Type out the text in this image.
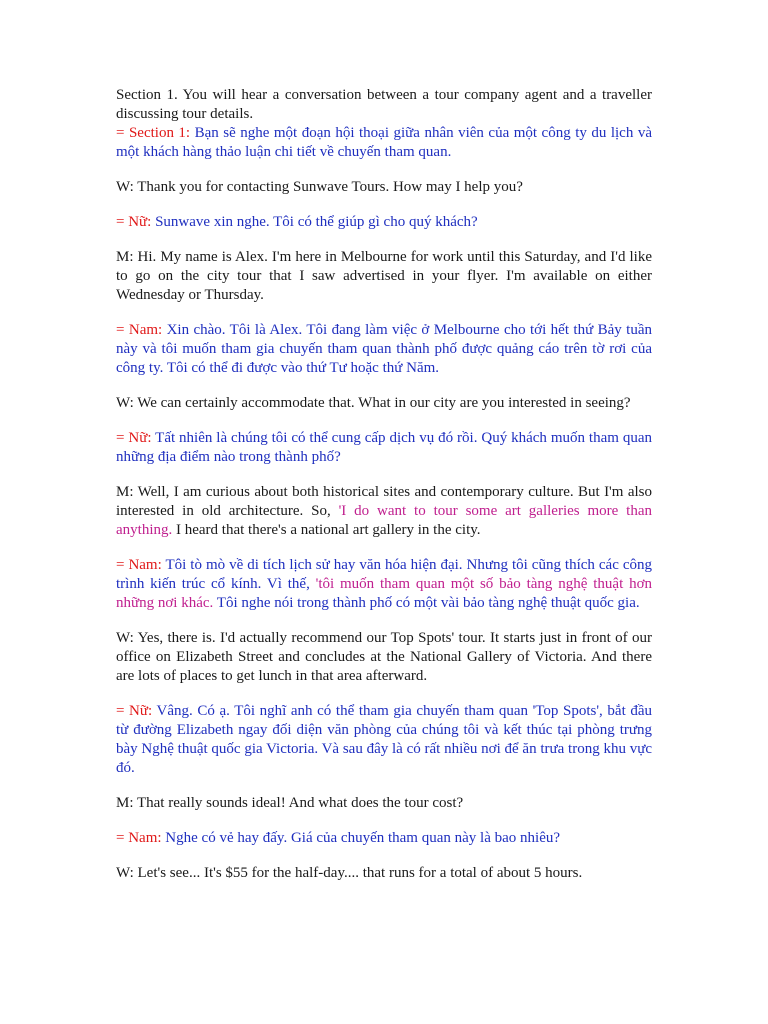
Section 1. You will hear a conversation between a tour company agent and a traveller discussing tour details.

= Section 1: Bạn sẽ nghe một đoạn hội thoại giữa nhân viên của một công ty du lịch và một khách hàng thảo luận chi tiết về chuyến tham quan.

W: Thank you for contacting Sunwave Tours. How may I help you?

= Nữ: Sunwave xin nghe. Tôi có thể giúp gì cho quý khách?

M: Hi. My name is Alex. I'm here in Melbourne for work until this Saturday, and I'd like to go on the city tour that I saw advertised in your flyer. I'm available on either Wednesday or Thursday.

= Nam: Xin chào. Tôi là Alex. Tôi đang làm việc ở Melbourne cho tới hết thứ Bảy tuần này và tôi muốn tham gia chuyến tham quan thành phố được quảng cáo trên tờ rơi của công ty. Tôi có thể đi được vào thứ Tư hoặc thứ Năm.

W: We can certainly accommodate that. What in our city are you interested in seeing?

= Nữ: Tất nhiên là chúng tôi có thể cung cấp dịch vụ đó rồi. Quý khách muốn tham quan những địa điểm nào trong thành phố?

M: Well, I am curious about both historical sites and contemporary culture. But I'm also interested in old architecture. So, 'I do want to tour some art galleries more than anything. I heard that there's a national art gallery in the city.

= Nam: Tôi tò mò về di tích lịch sử hay văn hóa hiện đại. Nhưng tôi cũng thích các công trình kiến trúc cổ kính. Vì thế, 'tôi muốn tham quan một số bảo tàng nghệ thuật hơn những nơi khác. Tôi nghe nói trong thành phố có một vài bảo tàng nghệ thuật quốc gia.

W: Yes, there is. I'd actually recommend our Top Spots' tour. It starts just in front of our office on Elizabeth Street and concludes at the National Gallery of Victoria. And there are lots of places to get lunch in that area afterward.

= Nữ: Vâng. Có ạ. Tôi nghĩ anh có thể tham gia chuyến tham quan 'Top Spots', bắt đầu từ đường Elizabeth ngay đối diện văn phòng của chúng tôi và kết thúc tại phòng trưng bày Nghệ thuật quốc gia Victoria. Và sau đây là có rất nhiều nơi để ăn trưa trong khu vực đó.

M: That really sounds ideal! And what does the tour cost?

= Nam: Nghe có vẻ hay đấy. Giá của chuyến tham quan này là bao nhiêu?

W: Let's see... It's $55 for the half-day.... that runs for a total of about 5 hours.
